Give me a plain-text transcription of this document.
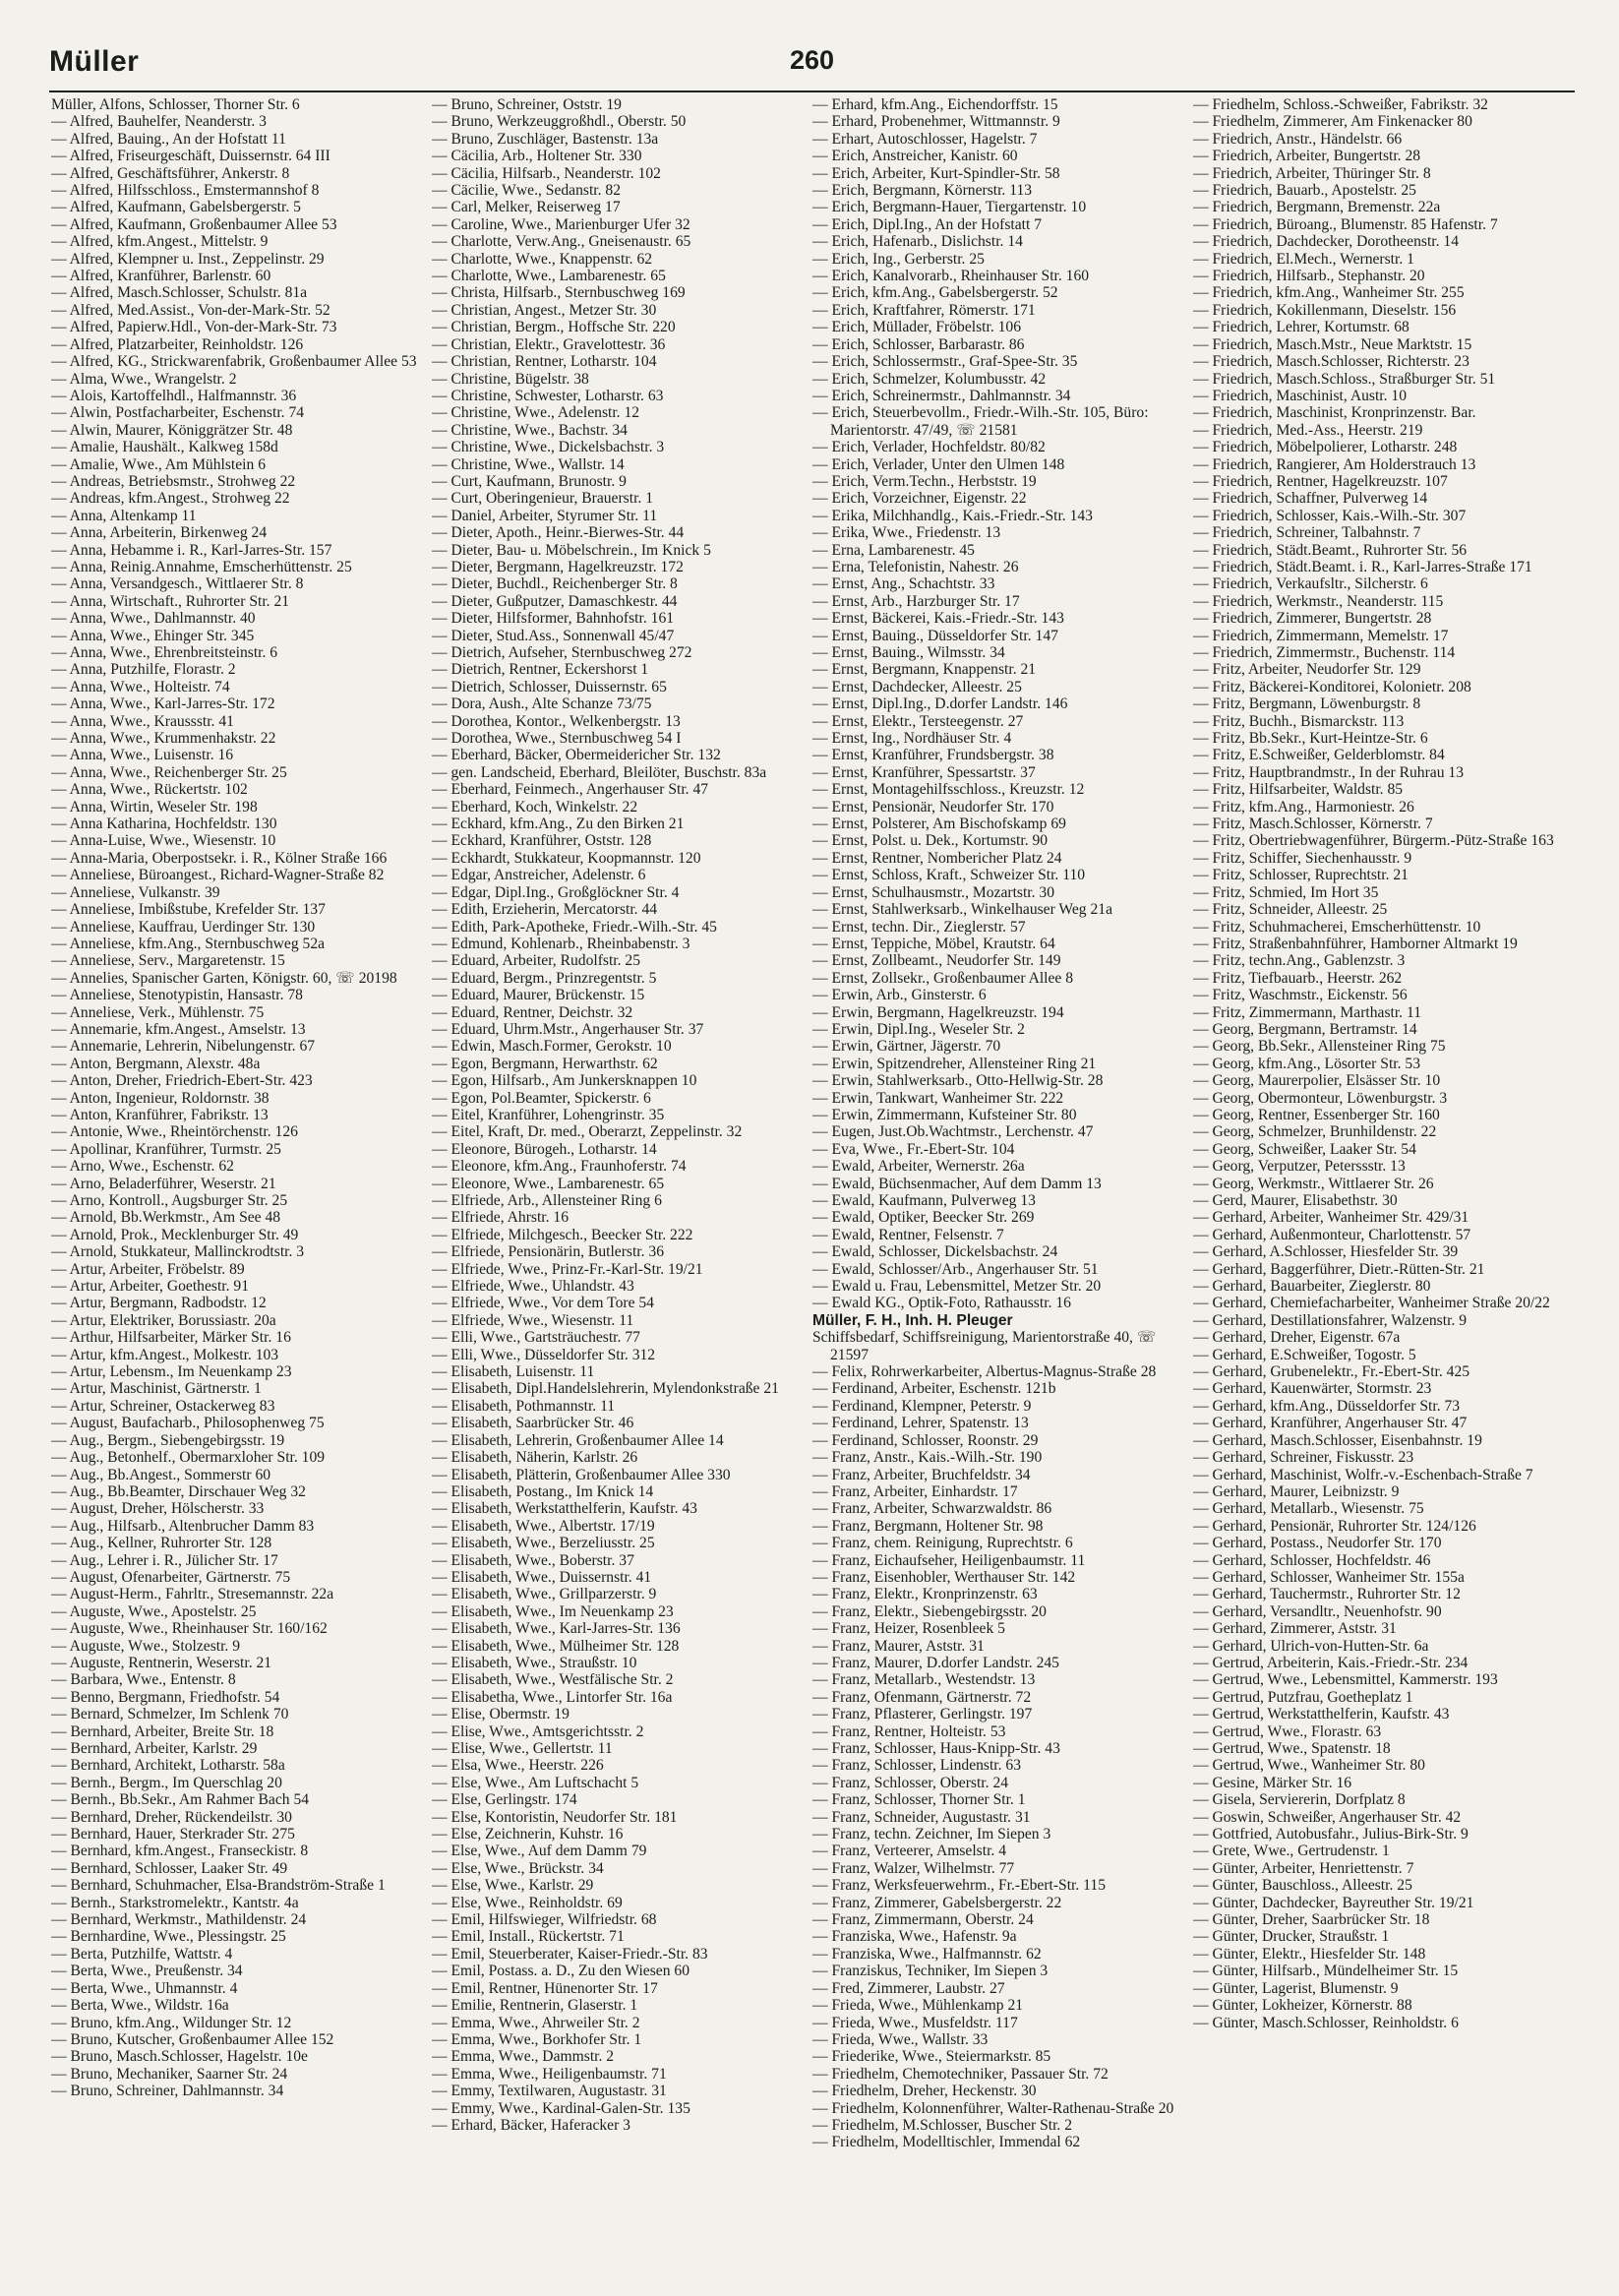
Müller	260
Müller, Alfons, Schlosser, Thorner Str. 6
— Alfred, Bauhelfer, Neanderstr. 3
— Alfred, Bauing., An der Hofstatt 11
— Alfred, Friseurgeschäft, Duissernstr. 64 III
— Alfred, Geschäftsführer, Ankerstr. 8
— Alfred, Hilfsschloss., Emstermannshof 8
— Alfred, Kaufmann, Gabelsbergerstr. 5
— Alfred, Kaufmann, Großenbaumer Allee 53
— Alfred, kfm.Angest., Mittelstr. 9
— Alfred, Klempner u. Inst., Zeppelinstr. 29
— Alfred, Kranführer, Barlenstr. 60
— Alfred, Masch.Schlosser, Schulstr. 81a
— Alfred, Med.Assist., Von-der-Mark-Str. 52
— Alfred, Papierw.Hdl., Von-der-Mark-Str. 73
— Alfred, Platzarbeiter, Reinholdstr. 126
— Alfred, KG., Strickwarenfabrik, Großenbaumer Allee 53
— Alma, Wwe., Wrangelstr. 2
— Alois, Kartoffelhdl., Halfmannstr. 36
— Alwin, Postfacharbeiter, Eschenstr. 74
— Alwin, Maurer, Königgrätzer Str. 48
— Amalie, Haushält., Kalkweg 158d
— Amalie, Wwe., Am Mühlstein 6
— Andreas, Betriebsmstr., Strohweg 22
— Andreas, kfm.Angest., Strohweg 22
— Anna, Altenkamp 11
— Anna, Arbeiterin, Birkenweg 24
— Anna, Hebamme i. R., Karl-Jarres-Str. 157
— Anna, Reinig.Annahme, Emscherhüttenstr. 25
— Anna, Versandgesch., Wittlaerer Str. 8
— Anna, Wirtschaft., Ruhrorter Str. 21
— Anna, Wwe., Dahlmannstr. 40
— Anna, Wwe., Ehinger Str. 345
— Anna, Wwe., Ehrenbreitsteinstr. 6
— Anna, Putzhilfe, Florastr. 2
— Anna, Wwe., Holteistr. 74
— Anna, Wwe., Karl-Jarres-Str. 172
— Anna, Wwe., Kraussstr. 41
— Anna, Wwe., Krummenhakstr. 22
— Anna, Wwe., Luisenstr. 16
— Anna, Wwe., Reichenberger Str. 25
— Anna, Wwe., Rückertstr. 102
— Anna, Wirtin, Weseler Str. 198
— Anna Katharina, Hochfeldstr. 130
— Anna-Luise, Wwe., Wiesenstr. 10
— Anna-Maria, Oberpostsekr. i. R., Kölner Straße 166
— Anneliese, Büroangest., Richard-Wagner-Straße 82
— Anneliese, Vulkanstr. 39
— Anneliese, Imbißstube, Krefelder Str. 137
— Anneliese, Kauffrau, Uerdinger Str. 130
— Anneliese, kfm.Ang., Sternbuschweg 52a
— Anneliese, Serv., Margaretenstr. 15
— Annelies, Spanischer Garten, Königstr. 60, ☏ 20198
— Anneliese, Stenotypistin, Hansastr. 78
— Anneliese, Verk., Mühlenstr. 75
— Annemarie, kfm.Angest., Amselstr. 13
— Annemarie, Lehrerin, Nibelungenstr. 67
— Anton, Bergmann, Alexstr. 48a
— Anton, Dreher, Friedrich-Ebert-Str. 423
— Anton, Ingenieur, Roldornstr. 38
— Anton, Kranführer, Fabrikstr. 13
— Antonie, Wwe., Rheintörchenstr. 126
— Apollinar, Kranführer, Turmstr. 25
— Arno, Wwe., Eschenstr. 62
— Arno, Beladerführer, Weserstr. 21
— Arno, Kontroll., Augsburger Str. 25
— Arnold, Bb.Werkmstr., Am See 48
— Arnold, Prok., Mecklenburger Str. 49
— Arnold, Stukkateur, Mallinckrodtstr. 3
— Artur, Arbeiter, Fröbelstr. 89
— Artur, Arbeiter, Goethestr. 91
— Artur, Bergmann, Radbodstr. 12
— Artur, Elektriker, Borussiastr. 20a
— Arthur, Hilfsarbeiter, Märker Str. 16
— Artur, kfm.Angest., Molkestr. 103
— Artur, Lebensm., Im Neuenkamp 23
— Artur, Maschinist, Gärtnerstr. 1
— Artur, Schreiner, Ostackerweg 83
— August, Baufacharb., Philosophenweg 75
— Aug., Bergm., Siebengebirgsstr. 19
— Aug., Betonhelf., Obermarxloher Str. 109
— Aug., Bb.Angest., Sommerstr 60
— Aug., Bb.Beamter, Dirschauer Weg 32
— August, Dreher, Hölscherstr. 33
— Aug., Hilfsarb., Altenbrucher Damm 83
— Aug., Kellner, Ruhrorter Str. 128
— Aug., Lehrer i. R., Jülicher Str. 17
— August, Ofenarbeiter, Gärtnerstr. 75
— August-Herm., Fahrltr., Stresemannstr. 22a
— Auguste, Wwe., Apostelstr. 25
— Auguste, Wwe., Rheinhauser Str. 160/162
— Auguste, Wwe., Stolzestr. 9
— Auguste, Rentnerin, Weserstr. 21
— Barbara, Wwe., Entenstr. 8
— Benno, Bergmann, Friedhofstr. 54
— Bernard, Schmelzer, Im Schlenk 70
— Bernhard, Arbeiter, Breite Str. 18
— Bernhard, Arbeiter, Karlstr. 29
— Bernhard, Architekt, Lotharstr. 58a
— Bernh., Bergm., Im Querschlag 20
— Bernh., Bb.Sekr., Am Rahmer Bach 54
— Bernhard, Dreher, Rückendeilstr. 30
— Bernhard, Hauer, Sterkrader Str. 275
— Bernhard, kfm.Angest., Franseckistr. 8
— Bernhard, Schlosser, Laaker Str. 49
— Bernhard, Schuhmacher, Elsa-Brandström-Straße 1
— Bernh., Starkstromelektr., Kantstr. 4a
— Bernhard, Werkmstr., Mathildenstr. 24
— Bernhardine, Wwe., Plessingstr. 25
— Berta, Putzhilfe, Wattstr. 4
— Berta, Wwe., Preußenstr. 34
— Berta, Wwe., Uhmannstr. 4
— Berta, Wwe., Wildstr. 16a
— Bruno, kfm.Ang., Wildunger Str. 12
— Bruno, Kutscher, Großenbaumer Allee 152
— Bruno, Masch.Schlosser, Hagelstr. 10e
— Bruno, Mechaniker, Saarner Str. 24
— Bruno, Schreiner, Dahlmannstr. 34
— Bruno, Schreiner, Oststr. 19
— Bruno, Werkzeuggroßhdl., Oberstr. 50
— Bruno, Zuschläger, Bastenstr. 13a
— Cäcilia, Arb., Holtener Str. 330
— Cäcilia, Hilfsarb., Neanderstr. 102
— Cäcilie, Wwe., Sedanstr. 82
— Carl, Melker, Reiserweg 17
— Caroline, Wwe., Marienburger Ufer 32
— Charlotte, Verw.Ang., Gneisenaustr. 65
— Charlotte, Wwe., Knappenstr. 62
— Charlotte, Wwe., Lambarenestr. 65
— Christa, Hilfsarb., Sternbuschweg 169
— Christian, Angest., Metzer Str. 30
— Christian, Bergm., Hoffsche Str. 220
— Christian, Elektr., Gravelottestr. 36
— Christian, Rentner, Lotharstr. 104
— Christine, Bügelstr. 38
— Christine, Schwester, Lotharstr. 63
— Christine, Wwe., Adelenstr. 12
— Christine, Wwe., Bachstr. 34
— Christine, Wwe., Dickelsbachstr. 3
— Christine, Wwe., Wallstr. 14
— Curt, Kaufmann, Brunostr. 9
— Curt, Oberingenieur, Brauerstr. 1
— Daniel, Arbeiter, Styrumer Str. 11
— Dieter, Apoth., Heinr.-Bierwes-Str. 44
— Dieter, Bau- u. Möbelschrein., Im Knick 5
— Dieter, Bergmann, Hagelkreuzstr. 172
— Dieter, Buchdl., Reichenberger Str. 8
— Dieter, Gußputzer, Damaschkestr. 44
— Dieter, Hilfsformer, Bahnhofstr. 161
— Dieter, Stud.Ass., Sonnenwall 45/47
— Dietrich, Aufseher, Sternbuschweg 272
— Dietrich, Rentner, Eckershorst 1
— Dietrich, Schlosser, Duissernstr. 65
— Dora, Aush., Alte Schanze 73/75
— Dorothea, Kontor., Welkenbergstr. 13
— Dorothea, Wwe., Sternbuschweg 54 I
— Eberhard, Bäcker, Obermeidericher Str. 132
— gen. Landscheid, Eberhard, Bleilöter, Buschstr. 83a
— Eberhard, Feinmech., Angerhauser Str. 47
— Eberhard, Koch, Winkelstr. 22
— Eckhard, kfm.Ang., Zu den Birken 21
— Eckhard, Kranführer, Oststr. 128
— Eckhardt, Stukkateur, Koopmannstr. 120
— Edgar, Anstreicher, Adelenstr. 6
— Edgar, Dipl.Ing., Großglöckner Str. 4
— Edith, Erzieherin, Mercatorstr. 44
— Edith, Park-Apotheke, Friedr.-Wilh.-Str. 45
— Edmund, Kohlenarb., Rheinbabenstr. 3
— Eduard, Arbeiter, Rudolfstr. 25
— Eduard, Bergm., Prinzregentstr. 5
— Eduard, Maurer, Brückenstr. 15
— Eduard, Rentner, Deichstr. 32
— Eduard, Uhrm.Mstr., Angerhauser Str. 37
— Edwin, Masch.Former, Gerokstr. 10
— Egon, Bergmann, Herwarthstr. 62
— Egon, Hilfsarb., Am Junkersknappen 10
— Egon, Pol.Beamter, Spickerstr. 6
— Eitel, Kranführer, Lohengrinstr. 35
— Eitel, Kraft, Dr. med., Oberarzt, Zeppelinstr. 32
— Eleonore, Bürogeh., Lotharstr. 14
— Eleonore, kfm.Ang., Fraunhoferstr. 74
— Eleonore, Wwe., Lambarenestr. 65
— Elfriede, Arb., Allensteiner Ring 6
— Elfriede, Ahrstr. 16
— Elfriede, Milchgesch., Beecker Str. 222
— Elfriede, Pensionärin, Butlerstr. 36
— Elfriede, Wwe., Prinz-Fr.-Karl-Str. 19/21
— Elfriede, Wwe., Uhlandstr. 43
— Elfriede, Wwe., Vor dem Tore 54
— Elfriede, Wwe., Wiesenstr. 11
— Elli, Wwe., Gartsträuchestr. 77
— Elli, Wwe., Düsseldorfer Str. 312
— Elisabeth, Luisenstr. 11
— Elisabeth, Dipl.Handelslehrerin, Mylendonkstraße 21
— Elisabeth, Pothmannstr. 11
— Elisabeth, Saarbrücker Str. 46
— Elisabeth, Lehrerin, Großenbaumer Allee 14
— Elisabeth, Näherin, Karlstr. 26
— Elisabeth, Plätterin, Großenbaumer Allee 330
— Elisabeth, Postang., Im Knick 14
— Elisabeth, Werkstatthelferin, Kaufstr. 43
— Elisabeth, Wwe., Albertstr. 17/19
— Elisabeth, Wwe., Berzeliusstr. 25
— Elisabeth, Wwe., Boberstr. 37
— Elisabeth, Wwe., Duissernstr. 41
— Elisabeth, Wwe., Grillparzerstr. 9
— Elisabeth, Wwe., Im Neuenkamp 23
— Elisabeth, Wwe., Karl-Jarres-Str. 136
— Elisabeth, Wwe., Mülheimer Str. 128
— Elisabeth, Wwe., Straußstr. 10
— Elisabeth, Wwe., Westfälische Str. 2
— Elisabetha, Wwe., Lintorfer Str. 16a
— Elise, Obermstr. 19
— Elise, Wwe., Amtsgerichtsstr. 2
— Elise, Wwe., Gellertstr. 11
— Elsa, Wwe., Heerstr. 226
— Else, Wwe., Am Luftschacht 5
— Else, Gerlingstr. 174
— Else, Kontoristin, Neudorfer Str. 181
— Else, Zeichnerin, Kuhstr. 16
— Else, Wwe., Auf dem Damm 79
— Else, Wwe., Brückstr. 34
— Else, Wwe., Karlstr. 29
— Else, Wwe., Reinholdstr. 69
— Emil, Hilfswieger, Wilfriedstr. 68
— Emil, Install., Rückertstr. 71
— Emil, Steuerberater, Kaiser-Friedr.-Str. 83
— Emil, Postass. a. D., Zu den Wiesen 60
— Emil, Rentner, Hünenorter Str. 17
— Emilie, Rentnerin, Glaserstr. 1
— Emma, Wwe., Ahrweiler Str. 2
— Emma, Wwe., Borkhofer Str. 1
— Emma, Wwe., Dammstr. 2
— Emma, Wwe., Heiligenbaumstr. 71
— Emmy, Textilwaren, Augustastr. 31
— Emmy, Wwe., Kardinal-Galen-Str. 135
— Erhard, Bäcker, Haferacker 3
— Erhard, kfm.Ang., Eichendorffstr. 15
— Erhard, Probenehmer, Wittmannstr. 9
— Erhart, Autoschlosser, Hagelstr. 7
— Erich, Anstreicher, Kanistr. 60
— Erich, Arbeiter, Kurt-Spindler-Str. 58
— Erich, Bergmann, Körnerstr. 113
— Erich, Bergmann-Hauer, Tiergartenstr. 10
— Erich, Dipl.Ing., An der Hofstatt 7
— Erich, Hafenarb., Dislichstr. 14
— Erich, Ing., Gerberstr. 25
— Erich, Kanalvorarb., Rheinhauser Str. 160
— Erich, kfm.Ang., Gabelsbergerstr. 52
— Erich, Kraftfahrer, Römerstr. 171
— Erich, Müllader, Fröbelstr. 106
— Erich, Schlosser, Barbarastr. 86
— Erich, Schlossermstr., Graf-Spee-Str. 35
— Erich, Schmelzer, Kolumbusstr. 42
— Erich, Schreinermstr., Dahlmannstr. 34
— Erich, Steuerbevollm., Friedr.-Wilh.-Str. 105, Büro: Marientorstr. 47/49, ☏ 21581
— Erich, Verlader, Hochfeldstr. 80/82
— Erich, Verlader, Unter den Ulmen 148
— Erich, Verm.Techn., Herbststr. 19
— Erich, Vorzeichner, Eigenstr. 22
— Erika, Milchhandlg., Kais.-Friedr.-Str. 143
— Erika, Wwe., Friedenstr. 13
— Erna, Lambarenestr. 45
— Erna, Telefonistin, Nahestr. 26
— Ernst, Ang., Schachtstr. 33
— Ernst, Arb., Harzburger Str. 17
— Ernst, Bäckerei, Kais.-Friedr.-Str. 143
— Ernst, Bauing., Düsseldorfer Str. 147
— Ernst, Bauing., Wilmsstr. 34
— Ernst, Bergmann, Knappenstr. 21
— Ernst, Dachdecker, Alleestr. 25
— Ernst, Dipl.Ing., D.dorfer Landstr. 146
— Ernst, Elektr., Tersteegenstr. 27
— Ernst, Ing., Nordhäuser Str. 4
— Ernst, Kranführer, Frundsbergstr. 38
— Ernst, Kranführer, Spessartstr. 37
— Ernst, Montagehilfsschloss., Kreuzstr. 12
— Ernst, Pensionär, Neudorfer Str. 170
— Ernst, Polsterer, Am Bischofskamp 69
— Ernst, Polst. u. Dek., Kortumstr. 90
— Ernst, Rentner, Nombericher Platz 24
— Ernst, Schloss, Kraft., Schweizer Str. 110
— Ernst, Schulhausmstr., Mozartstr. 30
— Ernst, Stahlwerksarb., Winkelhauser Weg 21a
— Ernst, techn. Dir., Zieglerstr. 57
— Ernst, Teppiche, Möbel, Krautstr. 64
— Ernst, Zollbeamt., Neudorfer Str. 149
— Ernst, Zollsekr., Großenbaumer Allee 8
— Erwin, Arb., Ginsterstr. 6
— Erwin, Bergmann, Hagelkreuzstr. 194
— Erwin, Dipl.Ing., Weseler Str. 2
— Erwin, Gärtner, Jägerstr. 70
— Erwin, Spitzendreher, Allensteiner Ring 21
— Erwin, Stahlwerksarb., Otto-Hellwig-Str. 28
— Erwin, Tankwart, Wanheimer Str. 222
— Erwin, Zimmermann, Kufsteiner Str. 80
— Eugen, Just.Ob.Wachtmstr., Lerchenstr. 47
— Eva, Wwe., Fr.-Ebert-Str. 104
— Ewald, Arbeiter, Wernerstr. 26a
— Ewald, Büchsenmacher, Auf dem Damm 13
— Ewald, Kaufmann, Pulverweg 13
— Ewald, Optiker, Beecker Str. 269
— Ewald, Rentner, Felsenstr. 7
— Ewald, Schlosser, Dickelsbachstr. 24
— Ewald, Schlosser/Arb., Angerhauser Str. 51
— Ewald u. Frau, Lebensmittel, Metzer Str. 20
— Ewald KG., Optik-Foto, Rathausstr. 16
Müller, F. H., Inh. H. Pleuger
Schiffsbedarf, Schiffsreinigung, Marientorstraße 40, ☏ 21597
— Felix, Rohrwerkarbeiter, Albertus-Magnus-Straße 28
— Ferdinand, Arbeiter, Eschenstr. 121b
— Ferdinand, Klempner, Peterstr. 9
— Ferdinand, Lehrer, Spatenstr. 13
— Ferdinand, Schlosser, Roonstr. 29
— Franz, Anstr., Kais.-Wilh.-Str. 190
— Franz, Arbeiter, Bruchfeldstr. 34
— Franz, Arbeiter, Einhardstr. 17
— Franz, Arbeiter, Schwarzwaldstr. 86
— Franz, Bergmann, Holtener Str. 98
— Franz, chem. Reinigung, Ruprechtstr. 6
— Franz, Eichaufseher, Heiligenbaumstr. 11
— Franz, Eisenhobler, Werthauser Str. 142
— Franz, Elektr., Kronprinzenstr. 63
— Franz, Elektr., Siebengebirgsstr. 20
— Franz, Heizer, Rosenbleek 5
— Franz, Maurer, Aststr. 31
— Franz, Maurer, D.dorfer Landstr. 245
— Franz, Metallarb., Westendstr. 13
— Franz, Ofenmann, Gärtnerstr. 72
— Franz, Pflasterer, Gerlingstr. 197
— Franz, Rentner, Holteistr. 53
— Franz, Schlosser, Haus-Knipp-Str. 43
— Franz, Schlosser, Lindenstr. 63
— Franz, Schlosser, Oberstr. 24
— Franz, Schlosser, Thorner Str. 1
— Franz, Schneider, Augustastr. 31
— Franz, techn. Zeichner, Im Siepen 3
— Franz, Verteerer, Amselstr. 4
— Franz, Walzer, Wilhelmstr. 77
— Franz, Werksfeuerwehrm., Fr.-Ebert-Str. 115
— Franz, Zimmerer, Gabelsbergerstr. 22
— Franz, Zimmermann, Oberstr. 24
— Franziska, Wwe., Hafenstr. 9a
— Franziska, Wwe., Halfmannstr. 62
— Franziskus, Techniker, Im Siepen 3
— Fred, Zimmerer, Laubstr. 27
— Frieda, Wwe., Mühlenkamp 21
— Frieda, Wwe., Musfeldstr. 117
— Frieda, Wwe., Wallstr. 33
— Friederike, Wwe., Steiermarkstr. 85
— Friedhelm, Chemotechniker, Passauer Str. 72
— Friedhelm, Dreher, Heckenstr. 30
— Friedhelm, Kolonnenführer, Walter-Rathenau-Straße 20
— Friedhelm, M.Schlosser, Buscher Str. 2
— Friedhelm, Modelltischler, Immendal 62
— Friedhelm, Schloss.-Schweißer, Fabrikstr. 32
— Friedhelm, Zimmerer, Am Finkenacker 80
— Friedrich, Anstr., Händelstr. 66
— Friedrich, Arbeiter, Bungertstr. 28
— Friedrich, Arbeiter, Thüringer Str. 8
— Friedrich, Bauarb., Apostelstr. 25
— Friedrich, Bergmann, Bremenstr. 22a
— Friedrich, Büroang., Blumenstr. 85 Hafenstr. 7
— Friedrich, Dachdecker, Dorotheenstr. 14
— Friedrich, El.Mech., Wernerstr. 1
— Friedrich, Hilfsarb., Stephanstr. 20
— Friedrich, kfm.Ang., Wanheimer Str. 255
— Friedrich, Kokillenmann, Dieselstr. 156
— Friedrich, Lehrer, Kortumstr. 68
— Friedrich, Masch.Mstr., Neue Marktstr. 15
— Friedrich, Masch.Schlosser, Richterstr. 23
— Friedrich, Masch.Schloss., Straßburger Str. 51
— Friedrich, Maschinist, Austr. 10
— Friedrich, Maschinist, Kronprinzenstr. Bar.
— Friedrich, Med.-Ass., Heerstr. 219
— Friedrich, Möbelpolierer, Lotharstr. 248
— Friedrich, Rangierer, Am Holderstrauch 13
— Friedrich, Rentner, Hagelkreuzstr. 107
— Friedrich, Schaffner, Pulverweg 14
— Friedrich, Schlosser, Kais.-Wilh.-Str. 307
— Friedrich, Schreiner, Talbahnstr. 7
— Friedrich, Städt.Beamt., Ruhrorter Str. 56
— Friedrich, Städt.Beamt. i. R., Karl-Jarres-Straße 171
— Friedrich, Verkaufsltr., Silcherstr. 6
— Friedrich, Werkmstr., Neanderstr. 115
— Friedrich, Zimmerer, Bungertstr. 28
— Friedrich, Zimmermann, Memelstr. 17
— Friedrich, Zimmermstr., Buchenstr. 114
— Fritz, Arbeiter, Neudorfer Str. 129
— Fritz, Bäckerei-Konditorei, Kolonietr. 208
— Fritz, Bergmann, Löwenburgstr. 8
— Fritz, Buchh., Bismarckstr. 113
— Fritz, Bb.Sekr., Kurt-Heintze-Str. 6
— Fritz, E.Schweißer, Gelderblomstr. 84
— Fritz, Hauptbrandmstr., In der Ruhrau 13
— Fritz, Hilfsarbeiter, Waldstr. 85
— Fritz, kfm.Ang., Harmoniestr. 26
— Fritz, Masch.Schlosser, Körnerstr. 7
— Fritz, Obertriebwagenführer, Bürgerm.-Pütz-Straße 163
— Fritz, Schiffer, Siechenhausstr. 9
— Fritz, Schlosser, Ruprechtstr. 21
— Fritz, Schmied, Im Hort 35
— Fritz, Schneider, Alleestr. 25
— Fritz, Schuhmacherei, Emscherhüttenstr. 10
— Fritz, Straßenbahnführer, Hamborner Altmarkt 19
— Fritz, techn.Ang., Gablenzstr. 3
— Fritz, Tiefbauarb., Heerstr. 262
— Fritz, Waschmstr., Eickenstr. 56
— Fritz, Zimmermann, Marthastr. 11
— Georg, Bergmann, Bertramstr. 14
— Georg, Bb.Sekr., Allensteiner Ring 75
— Georg, kfm.Ang., Lösorter Str. 53
— Georg, Maurerpolier, Elsässer Str. 10
— Georg, Obermonteur, Löwenburgstr. 3
— Georg, Rentner, Essenberger Str. 160
— Georg, Schmelzer, Brunhildenstr. 22
— Georg, Schweißer, Laaker Str. 54
— Georg, Verputzer, Peterssstr. 13
— Georg, Werkmstr., Wittlaerer Str. 26
— Gerd, Maurer, Elisabethstr. 30
— Gerhard, Arbeiter, Wanheimer Str. 429/31
— Gerhard, Außenmonteur, Charlottenstr. 57
— Gerhard, A.Schlosser, Hiesfelder Str. 39
— Gerhard, Baggerführer, Dietr.-Rütten-Str. 21
— Gerhard, Bauarbeiter, Zieglerstr. 80
— Gerhard, Chemiefacharbeiter, Wanheimer Straße 20/22
— Gerhard, Destillationsfahrer, Walzenstr. 9
— Gerhard, Dreher, Eigenstr. 67a
— Gerhard, E.Schweißer, Togostr. 5
— Gerhard, Grubenelektr., Fr.-Ebert-Str. 425
— Gerhard, Kauenwärter, Stormstr. 23
— Gerhard, kfm.Ang., Düsseldorfer Str. 73
— Gerhard, Kranführer, Angerhauser Str. 47
— Gerhard, Masch.Schlosser, Eisenbahnstr. 19
— Gerhard, Schreiner, Fiskusstr. 23
— Gerhard, Maschinist, Wolfr.-v.-Eschenbach-Straße 7
— Gerhard, Maurer, Leibnizstr. 9
— Gerhard, Metallarb., Wiesenstr. 75
— Gerhard, Pensionär, Ruhrorter Str. 124/126
— Gerhard, Postass., Neudorfer Str. 170
— Gerhard, Schlosser, Hochfeldstr. 46
— Gerhard, Schlosser, Wanheimer Str. 155a
— Gerhard, Tauchermstr., Ruhrorter Str. 12
— Gerhard, Versandltr., Neuenhofstr. 90
— Gerhard, Zimmerer, Aststr. 31
— Gerhard, Ulrich-von-Hutten-Str. 6a
— Gertrud, Arbeiterin, Kais.-Friedr.-Str. 234
— Gertrud, Wwe., Lebensmittel, Kammerstr. 193
— Gertrud, Putzfrau, Goetheplatz 1
— Gertrud, Werkstatthelferin, Kaufstr. 43
— Gertrud, Wwe., Florastr. 63
— Gertrud, Wwe., Spatenstr. 18
— Gertrud, Wwe., Wanheimer Str. 80
— Gesine, Märker Str. 16
— Gisela, Serviererin, Dorfplatz 8
— Goswin, Schweißer, Angerhauser Str. 42
— Gottfried, Autobusfahr., Julius-Birk-Str. 9
— Grete, Wwe., Gertrudenstr. 1
— Günter, Arbeiter, Henriettenstr. 7
— Günter, Bauschloss., Alleestr. 25
— Günter, Dachdecker, Bayreuther Str. 19/21
— Günter, Dreher, Saarbrücker Str. 18
— Günter, Drucker, Straußstr. 1
— Günter, Elektr., Hiesfelder Str. 148
— Günter, Hilfsarb., Mündelheimer Str. 15
— Günter, Lagerist, Blumenstr. 9
— Günter, Lokheizer, Körnerstr. 88
— Günter, Masch.Schlosser, Reinholdstr. 6
